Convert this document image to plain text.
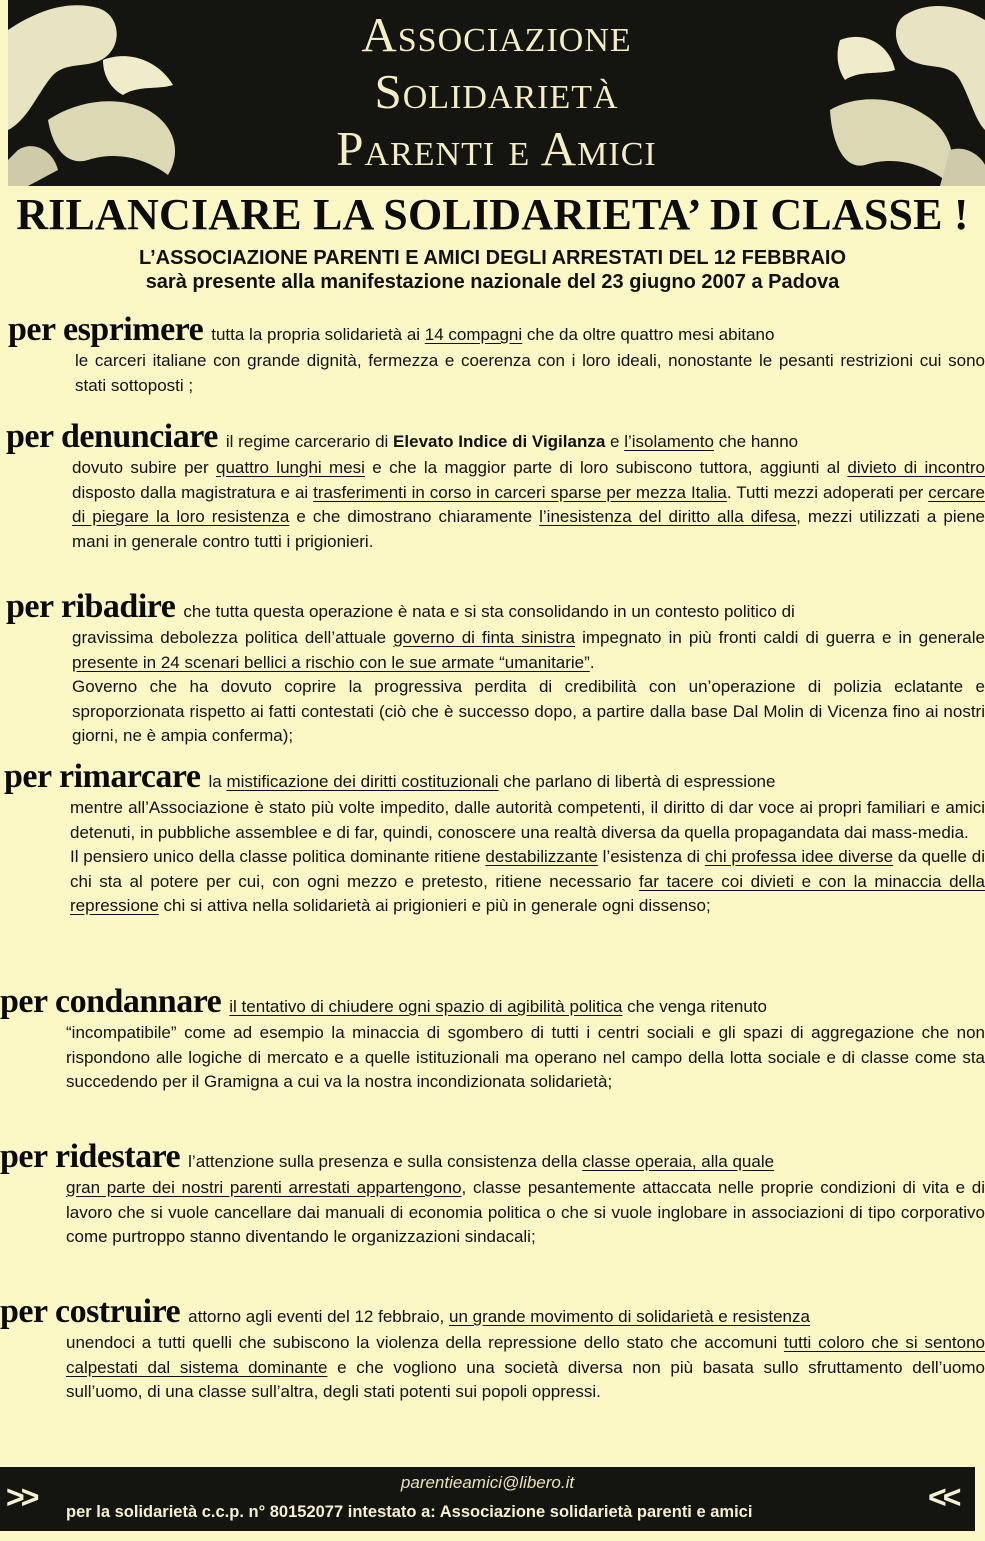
Associazione
Solidarietà
Parenti e Amici
RILANCIARE LA SOLIDARIETA’ DI CLASSE !
L’ASSOCIAZIONE PARENTI E AMICI DEGLI ARRESTATI DEL 12 FEBBRAIO
sarà presente alla manifestazione nazionale del 23 giugno 2007 a Padova
per esprimere tutta la propria solidarietà ai 14 compagni che da oltre quattro mesi abitano
le carceri italiane con grande dignità, fermezza e coerenza con i loro ideali, nonostante le pesanti restrizioni cui sono stati sottoposti ;
per denunciare il regime carcerario di Elevato Indice di Vigilanza e l’isolamento che hanno
dovuto subire per quattro lunghi mesi e che la maggior parte di loro subiscono tuttora, aggiunti al divieto di incontro disposto dalla magistratura e ai trasferimenti in corso in carceri sparse per mezza Italia. Tutti mezzi adoperati per cercare di piegare la loro resistenza e che dimostrano chiaramente l’inesistenza del diritto alla difesa, mezzi utilizzati a piene mani in generale contro tutti i prigionieri.
per ribadire che tutta questa operazione è nata e si sta consolidando in un contesto politico di
gravissima debolezza politica dell’attuale governo di finta sinistra impegnato in più fronti caldi di guerra e in generale presente in 24 scenari bellici a rischio con le sue armate “umanitarie”.
Governo che ha dovuto coprire la progressiva perdita di credibilità con un’operazione di polizia eclatante e sproporzionata rispetto ai fatti contestati (ciò che è successo dopo, a partire dalla base Dal Molin di Vicenza fino ai nostri giorni, ne è ampia conferma);
per rimarcare la mistificazione dei diritti costituzionali che parlano di libertà di espressione
mentre all’Associazione è stato più volte impedito, dalle autorità competenti, il diritto di dar voce ai propri familiari e amici detenuti, in pubbliche assemblee e di far, quindi, conoscere una realtà diversa da quella propagandata dai mass-media.
Il pensiero unico della classe politica dominante ritiene destabilizzante l’esistenza di chi professa idee diverse da quelle di chi sta al potere per cui, con ogni mezzo e pretesto, ritiene necessario far tacere coi divieti e con la minaccia della repressione chi si attiva nella solidarietà ai prigionieri e più in generale ogni dissenso;
per condannare il tentativo di chiudere ogni spazio di agibilità politica che venga ritenuto
“incompatibile” come ad esempio la minaccia di sgombero di tutti i centri sociali e gli spazi di aggregazione che non rispondono alle logiche di mercato e a quelle istituzionali ma operano nel campo della lotta sociale e di classe come sta succedendo per il Gramigna a cui va la nostra incondizionata solidarietà;
per ridestare l’attenzione sulla presenza e sulla consistenza della classe operaia, alla quale
gran parte dei nostri parenti arrestati appartengono, classe pesantemente attaccata nelle proprie condizioni di vita e di lavoro che si vuole cancellare dai manuali di economia politica o che si vuole inglobare in associazioni di tipo corporativo come purtroppo stanno diventando le organizzazioni sindacali;
per costruire attorno agli eventi del 12 febbraio, un grande movimento di solidarietà e resistenza
unendoci a tutti quelli che subiscono la violenza della repressione dello stato che accomuni tutti coloro che si sentono calpestati dal sistema dominante e che vogliono una società diversa non più basata sullo sfruttamento dell’uomo sull’uomo, di una classe sull’altra, degli stati potenti sui popoli oppressi.
>>	parentieamici@libero.it
per la solidarietà c.c.p. n° 80152077 intestato a: Associazione solidarietà parenti e amici	<<
